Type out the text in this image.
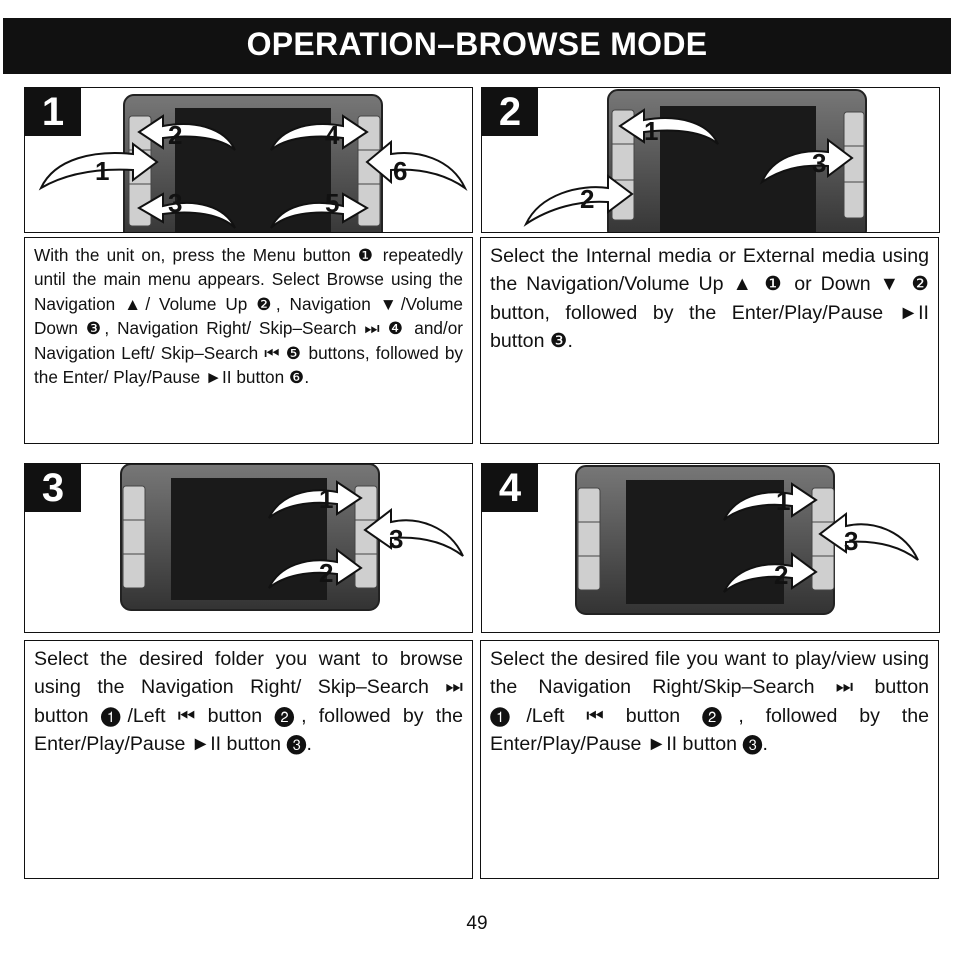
OPERATION–BROWSE MODE
1
2
3
4
5
6
1	1
2
3
2

With the unit on, press the Menu button ❶ repeatedly until the main menu appears. Select Browse using the Navigation ▲/ Volume Up ❷, Navigation ▼/Volume Down ❸, Navigation Right/ Skip–Search ⏭ ❹ and/or Navigation Left/ Skip–Search ⏮ ❺ buttons, followed by the Enter/ Play/Pause ►II button ❻.

Select the Internal media or External media using the Navigation/Volume Up ▲ ❶ or Down ▼ ❷ button, followed by the Enter/Play/Pause ►II button ❸.

1
2
3
3	1
2
3
4

Select the desired folder you want to browse using the Navigation Right/ Skip–Search ⏭ button ❶/Left ⏮ button ❷, followed by the Enter/Play/Pause ►II button ❸.

Select the desired file you want to play/view using the Navigation Right/Skip–Search ⏭ button ❶/Left ⏮ button ❷, followed by the Enter/Play/Pause ►II button ❸.

49
